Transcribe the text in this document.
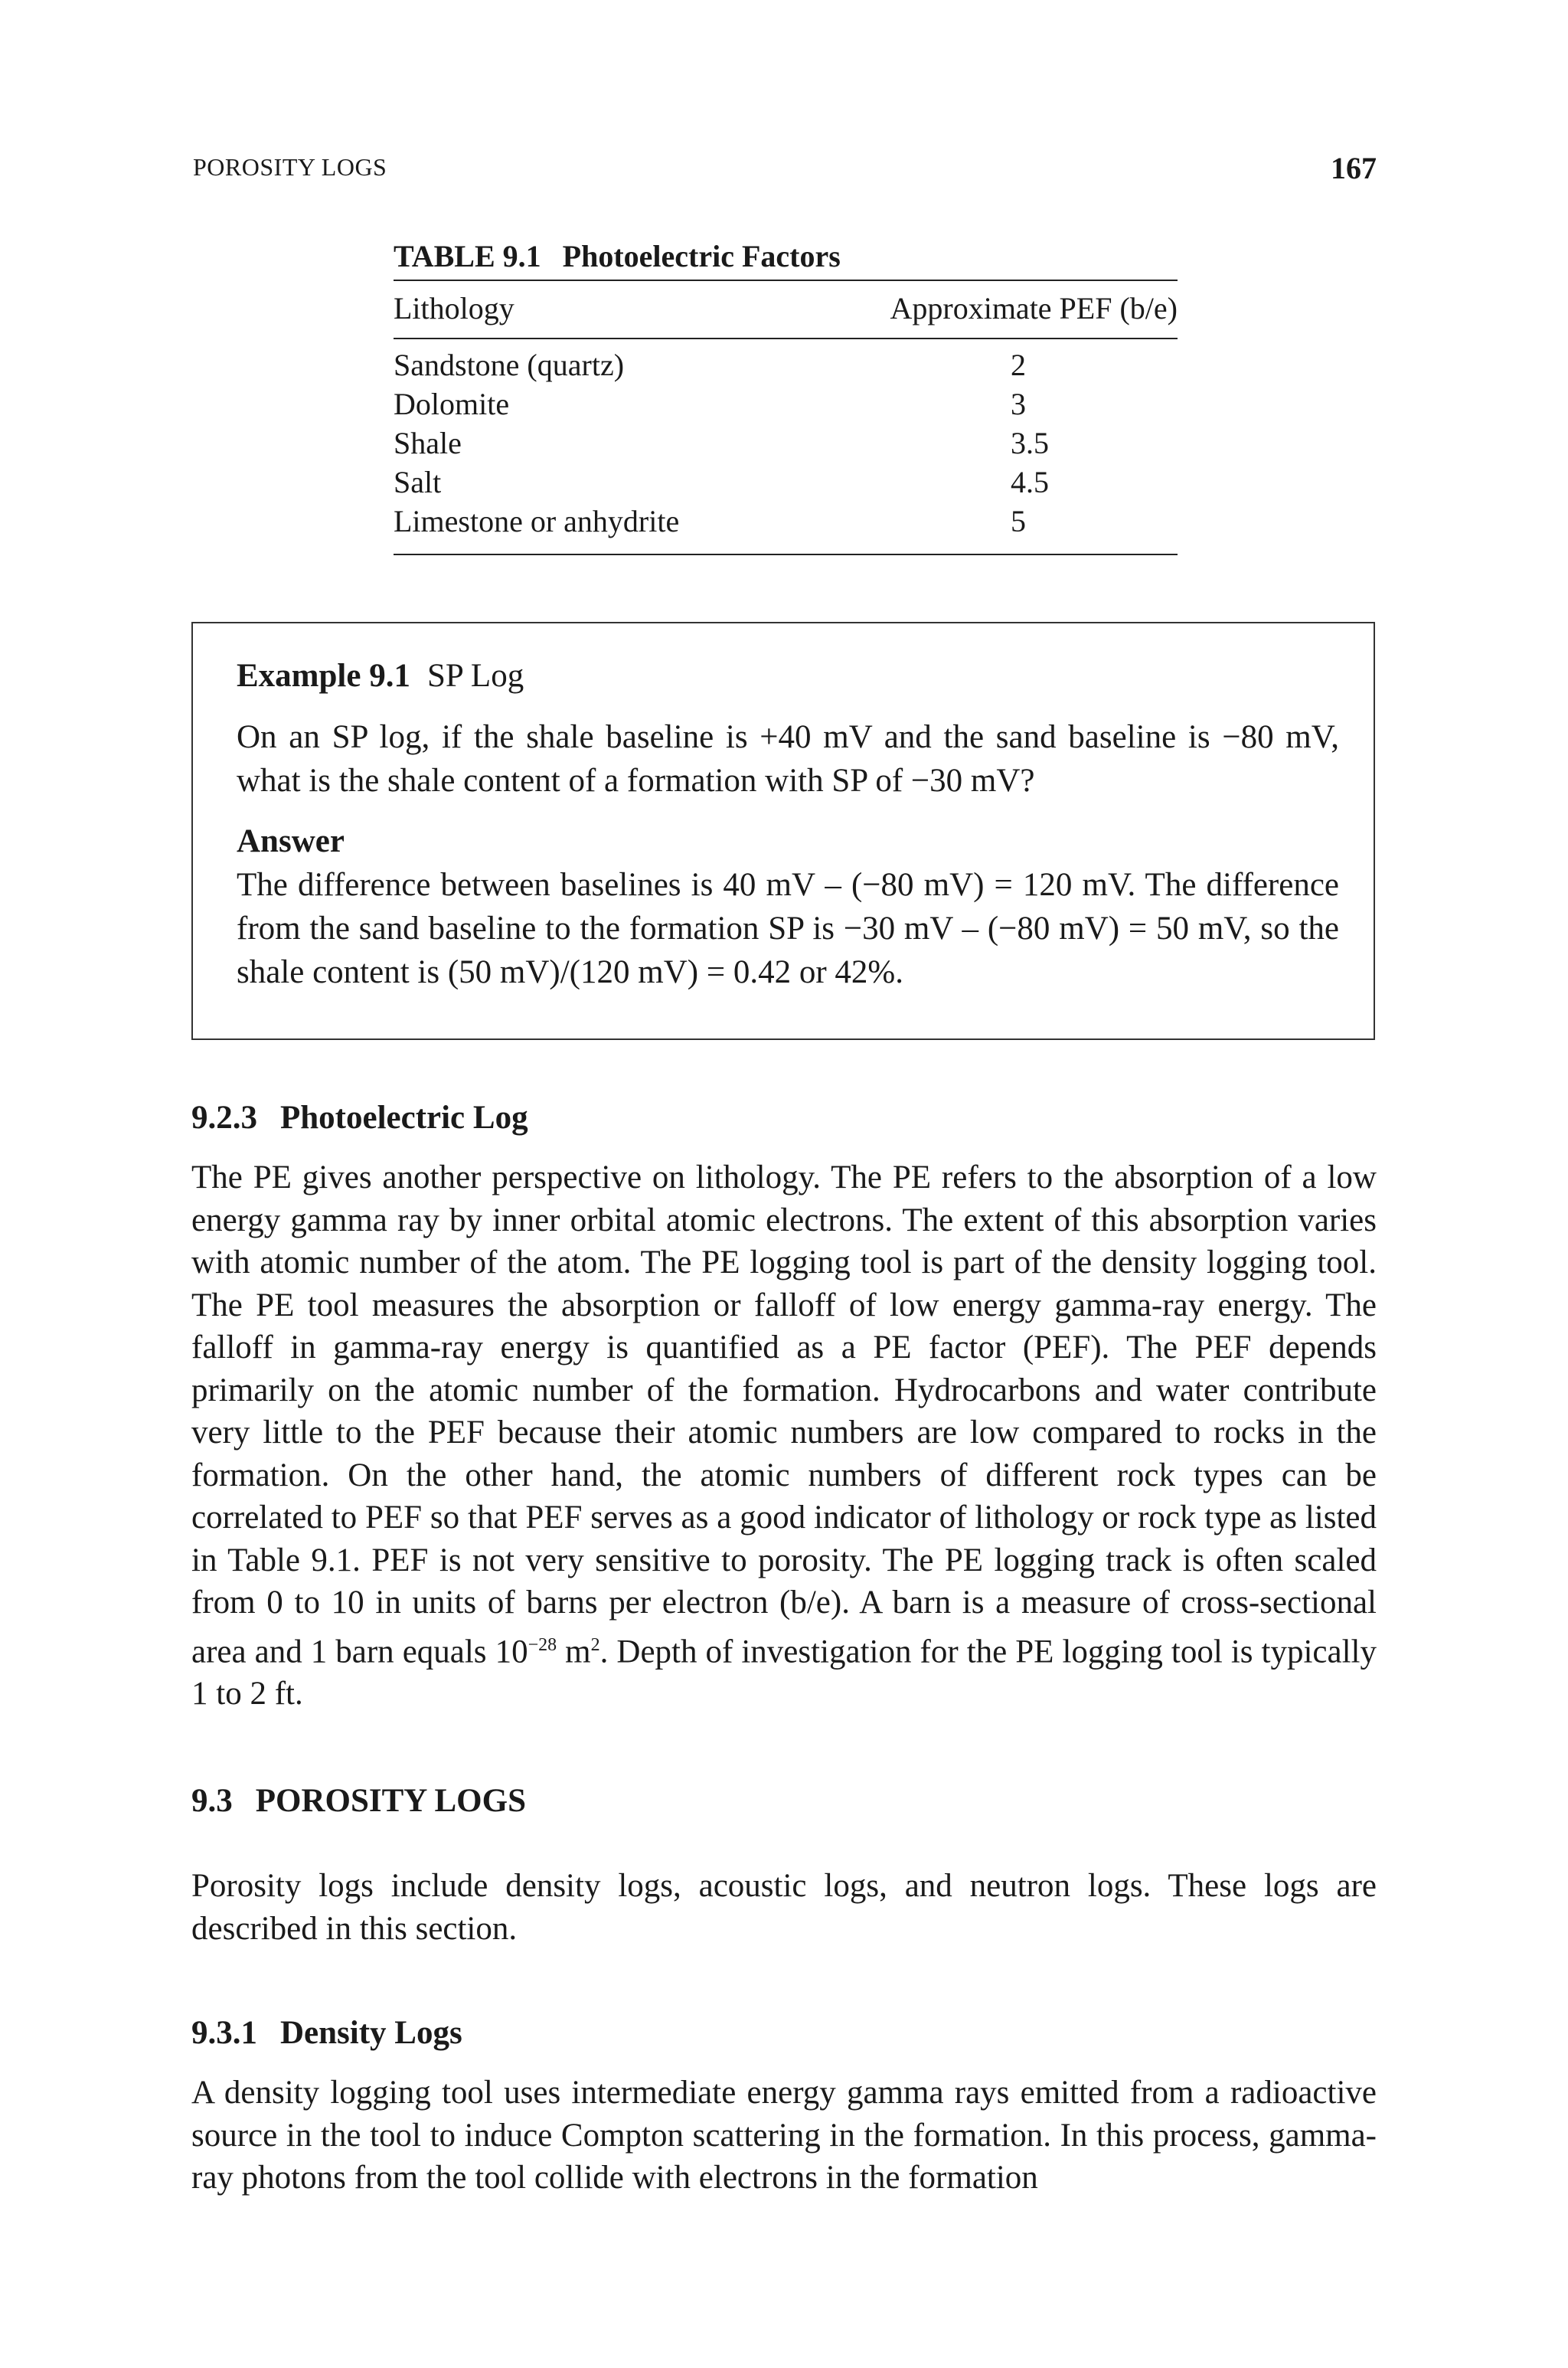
POROSITY LOGS	167
TABLE 9.1 Photoelectric Factors
Lithology	Approximate PEF (b/e)
Sandstone (quartz)	2
Dolomite	3
Shale	3.5
Salt	4.5
Limestone or anhydrite	5
Example 9.1 SP Log
On an SP log, if the shale baseline is +40 mV and the sand baseline is −80 mV, what is the shale content of a formation with SP of −30 mV?
Answer
The difference between baselines is 40 mV – (−80 mV) = 120 mV. The difference from the sand baseline to the formation SP is −30 mV – (−80 mV) = 50 mV, so the shale content is (50 mV)/(120 mV) = 0.42 or 42%.
9.2.3 Photoelectric Log
The PE gives another perspective on lithology. The PE refers to the absorption of a low energy gamma ray by inner orbital atomic electrons. The extent of this absorption varies with atomic number of the atom. The PE logging tool is part of the density logging tool. The PE tool measures the absorption or falloff of low energy gamma-ray energy. The falloff in gamma-ray energy is quantified as a PE factor (PEF). The PEF depends primarily on the atomic number of the formation. Hydrocarbons and water contribute very little to the PEF because their atomic numbers are low compared to rocks in the formation. On the other hand, the atomic numbers of different rock types can be correlated to PEF so that PEF serves as a good indicator of lithology or rock type as listed in Table 9.1. PEF is not very sensitive to porosity. The PE logging track is often scaled from 0 to 10 in units of barns per electron (b/e). A barn is a measure of cross-sectional area and 1 barn equals $10^{-28}$ $m^2$. Depth of investigation for the PE logging tool is typically 1 to 2 ft.
9.3 POROSITY LOGS
Porosity logs include density logs, acoustic logs, and neutron logs. These logs are described in this section.
9.3.1 Density Logs
A density logging tool uses intermediate energy gamma rays emitted from a radioactive source in the tool to induce Compton scattering in the formation. In this process, gamma-ray photons from the tool collide with electrons in the formation
